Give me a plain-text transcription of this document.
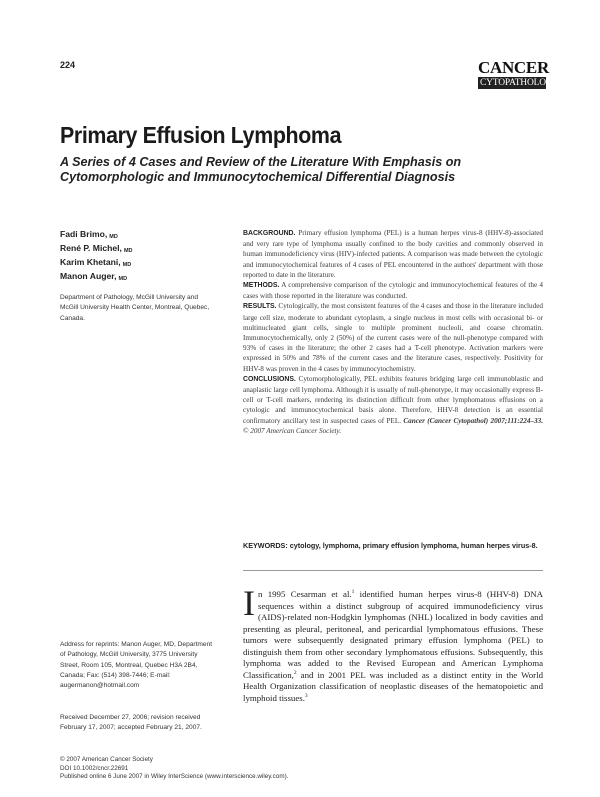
224	CANCER
CYTOPATHOLOGY
Primary Effusion Lymphoma
A Series of 4 Cases and Review of the Literature With Emphasis on Cytomorphologic and Immunocytochemical Differential Diagnosis
Fadi Brimo, MD
René P. Michel, MD
Karim Khetani, MD
Manon Auger, MD
Department of Pathology, McGill University and McGill University Health Center, Montreal, Quebec, Canada.

BACKGROUND. Primary effusion lymphoma (PEL) is a human herpes virus-8 (HHV-8)-associated and very rare type of lymphoma usually confined to the body cavities and commonly observed in human immunodeficiency virus (HIV)-infected patients. A comparison was made between the cytologic and immunocytochemical features of 4 cases of PEL encountered in the authors' department with those reported to date in the literature.

METHODS. A comprehensive comparison of the cytologic and immunocytochemical features of the 4 cases with those reported in the literature was conducted.

RESULTS. Cytologically, the most consistent features of the 4 cases and those in the literature included large cell size, moderate to abundant cytoplasm, a single nucleus in most cells with occasional bi- or multinucleated giant cells, single to multiple prominent nucleoli, and coarse chromatin. Immunocytochemically, only 2 (50%) of the current cases were of the null-phenotype compared with 93% of cases in the literature; the other 2 cases had a T-cell phenotype. Activation markers were expressed in 50% and 78% of the current cases and the literature cases, respectively. Positivity for HHV-8 was proven in the 4 cases by immunocytochemistry.

CONCLUSIONS. Cytomorphologically, PEL exhibits features bridging large cell immunoblastic and anaplastic large cell lymphoma. Although it is usually of null-phenotype, it may occasionally express B-cell or T-cell markers, rendering its distinction difficult from other lymphomatous effusions on a cytologic and immunocytochemical basis alone. Therefore, HHV-8 detection is an essential confirmatory ancillary test in suspected cases of PEL. Cancer (Cancer Cytopathol) 2007;111:224–33. © 2007 American Cancer Society.

KEYWORDS: cytology, lymphoma, primary effusion lymphoma, human herpes virus-8.
In 1995 Cesarman et al.$^1$ identified human herpes virus-8 (HHV-8) DNA sequences within a distinct subgroup of acquired immunodeficiency virus (AIDS)-related non-Hodgkin lymphomas (NHL) localized in body cavities and presenting as pleural, peritoneal, and pericardial lymphomatous effusions. These tumors were subsequently designated primary effusion lymphoma (PEL) to distinguish them from other secondary lymphomatous effusions. Subsequently, this lymphoma was added to the Revised European and American Lymphoma Classification,$^2$ and in 2001 PEL was included as a distinct entity in the World Health Organization classification of neoplastic diseases of the hematopoietic and lymphoid tissues.$^3$
Address for reprints: Manon Auger, MD, Department of Pathology, McGill University, 3775 University Street, Room 105, Montreal, Quebec H3A 2B4, Canada; Fax: (514) 398-7446; E-mail: augermanon@hotmail.com
Received December 27, 2006; revision received February 17, 2007; accepted February 21, 2007.
© 2007 American Cancer Society
DOI 10.1002/cncr.22691
Published online 6 June 2007 in Wiley InterScience (www.interscience.wiley.com).
